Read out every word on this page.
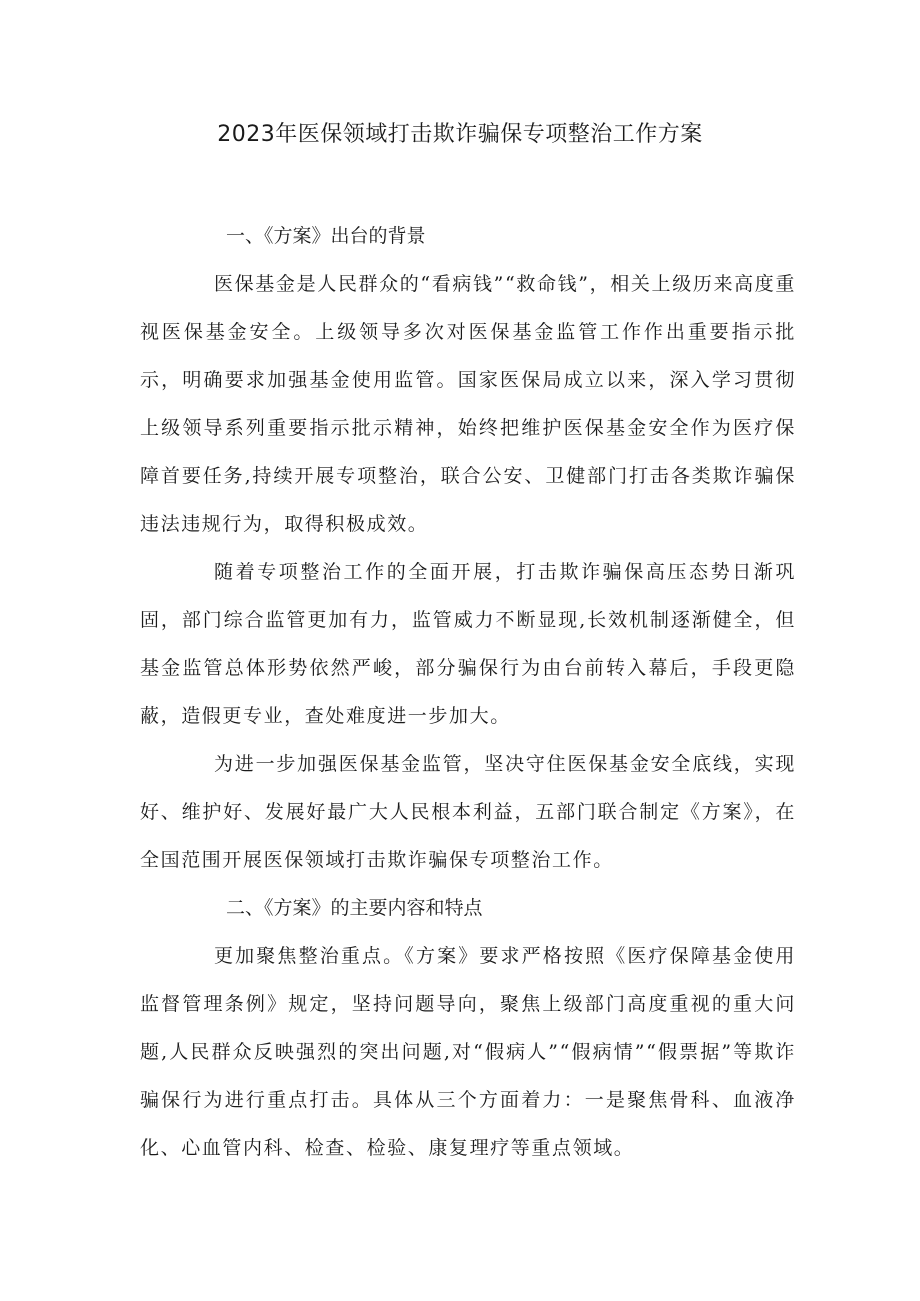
2023年医保领域打击欺诈骗保专项整治工作方案
一、《方案》出台的背景

医保基金是人民群众的“看病钱”“救命钱”，相关上级历来高度重视医保基金安全。上级领导多次对医保基金监管工作作出重要指示批示，明确要求加强基金使用监管。国家医保局成立以来，深入学习贯彻上级领导系列重要指示批示精神，始终把维护医保基金安全作为医疗保障首要任务,持续开展专项整治，联合公安、卫健部门打击各类欺诈骗保违法违规行为，取得积极成效。

随着专项整治工作的全面开展，打击欺诈骗保高压态势日渐巩固，部门综合监管更加有力，监管威力不断显现,长效机制逐渐健全，但基金监管总体形势依然严峻，部分骗保行为由台前转入幕后，手段更隐蔽，造假更专业，查处难度进一步加大。

为进一步加强医保基金监管，坚决守住医保基金安全底线，实现好、维护好、发展好最广大人民根本利益，五部门联合制定《方案》，在全国范围开展医保领域打击欺诈骗保专项整治工作。

二、《方案》的主要内容和特点

更加聚焦整治重点。《方案》要求严格按照《医疗保障基金使用监督管理条例》规定，坚持问题导向，聚焦上级部门高度重视的重大问题,人民群众反映强烈的突出问题,对“假病人”“假病情”“假票据”等欺诈骗保行为进行重点打击。具体从三个方面着力：一是聚焦骨科、血液净化、心血管内科、检查、检验、康复理疗等重点领域。
